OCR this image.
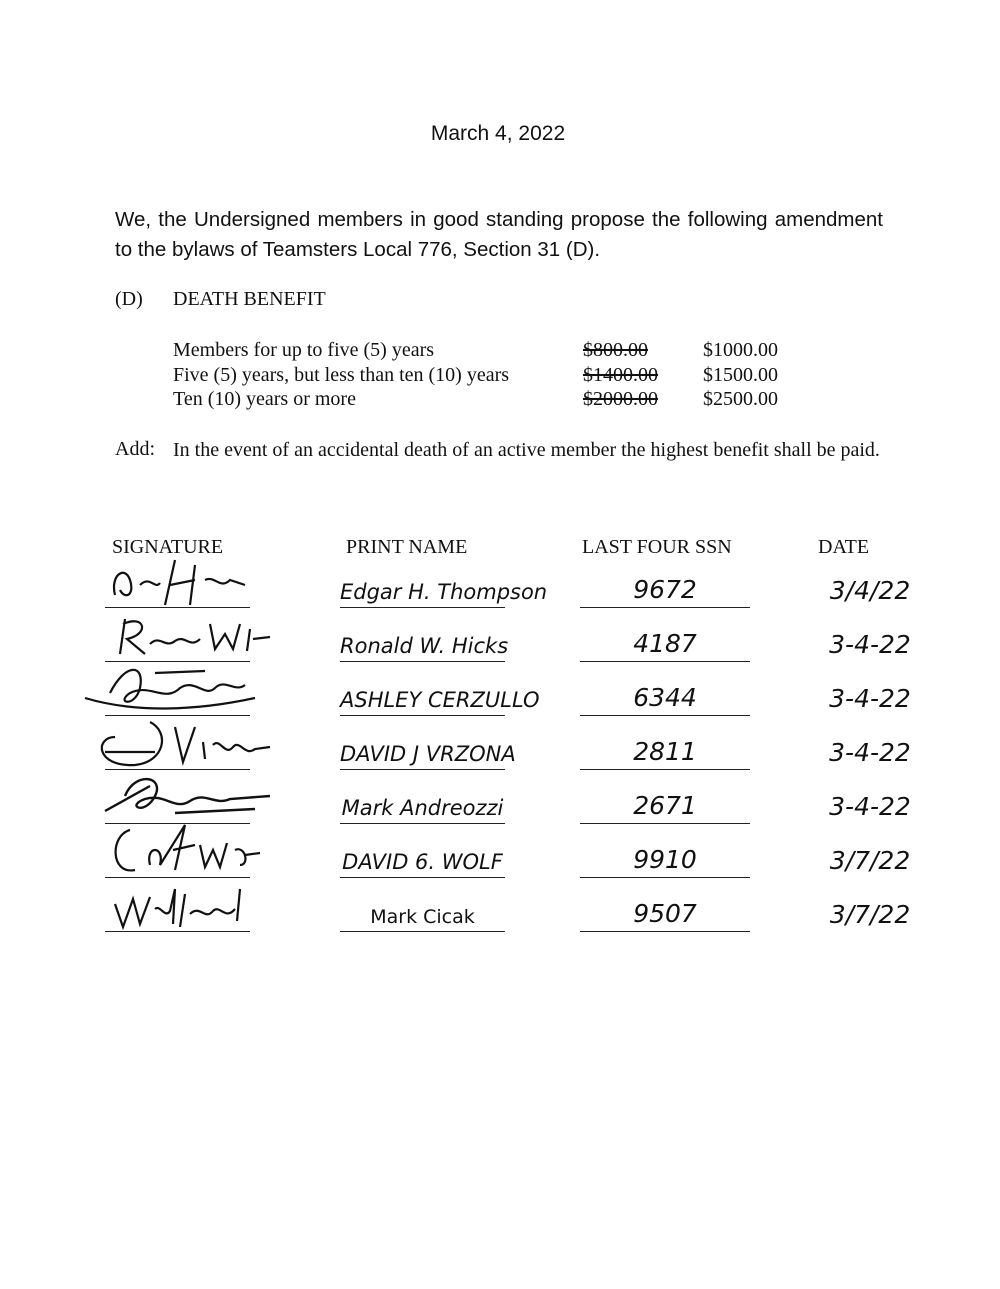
March 4, 2022
We, the Undersigned members in good standing propose the following amendment to the bylaws of Teamsters Local 776, Section 31 (D).
(D) DEATH BENEFIT
Members for up to five (5) years	$800.00	$1000.00
Five (5) years, but less than ten (10) years	$1400.00 $1500.00
Ten (10) years or more	$2000.00 $2500.00
Add: In the event of an accidental death of an active member the highest benefit shall be paid.
SIGNATURE	PRINT NAME	LAST FOUR SSN	DATE
Edgar H. Thompson	9672	3/4/22
Ronald W. Hicks	4187	3-4-22
ASHLEY CERZULLO	6344	3-4-22
DAVID J VRZONA	2811	3-4-22
Mark Andreozzi	2671	3-4-22
DAVID 6. WOLF	9910	3/7/22
Mark Cicak	9507	3/7/22
